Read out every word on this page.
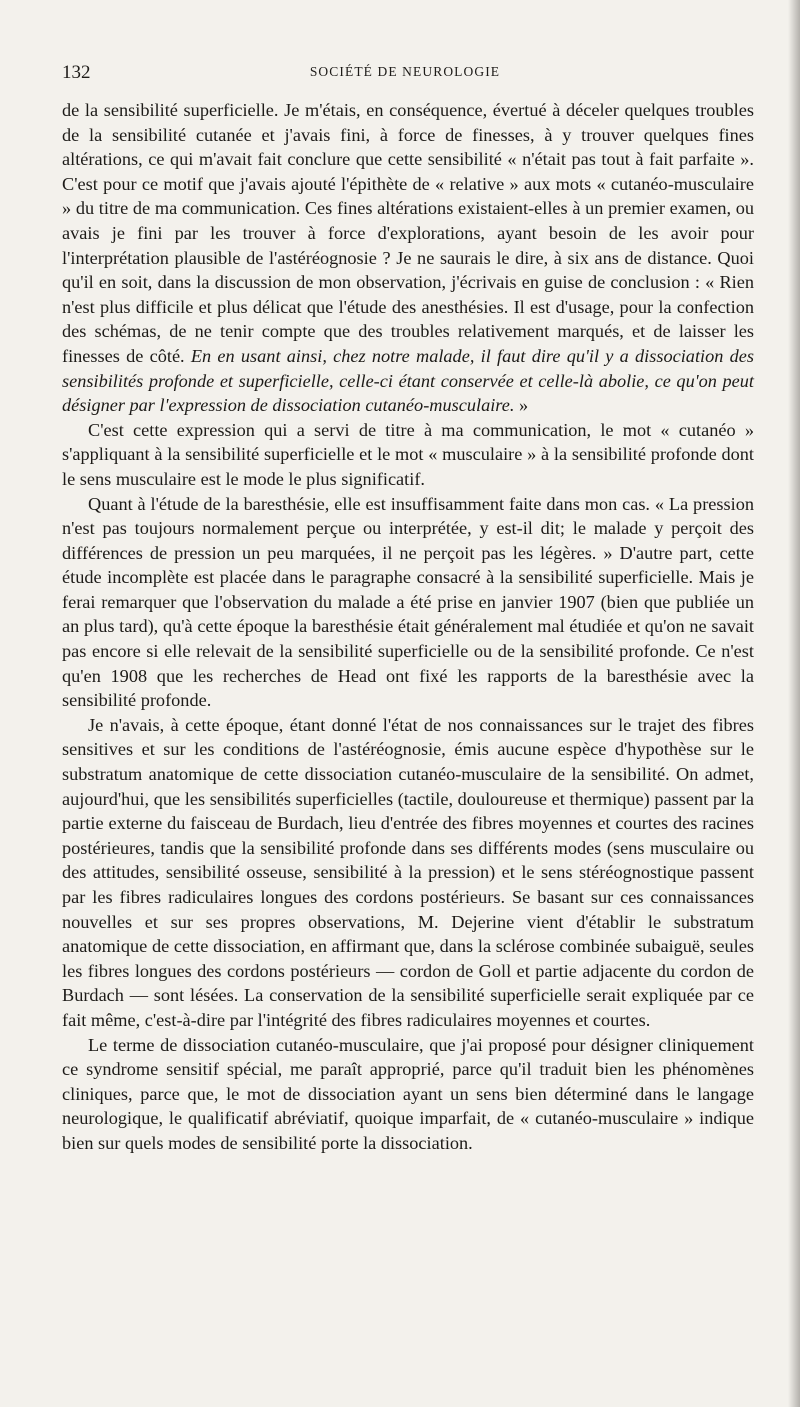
132	SOCIÉTÉ DE NEUROLOGIE

de la sensibilité superficielle. Je m'étais, en conséquence, évertué à déceler quelques troubles de la sensibilité cutanée et j'avais fini, à force de finesses, à y trouver quelques fines altérations, ce qui m'avait fait conclure que cette sensibilité « n'était pas tout à fait parfaite ». C'est pour ce motif que j'avais ajouté l'épithète de « relative » aux mots « cutanéo-musculaire » du titre de ma communication. Ces fines altérations existaient-elles à un premier examen, ou avais je fini par les trouver à force d'explorations, ayant besoin de les avoir pour l'interprétation plausible de l'astéréognosie ? Je ne saurais le dire, à six ans de distance. Quoi qu'il en soit, dans la discussion de mon observation, j'écrivais en guise de conclusion : « Rien n'est plus difficile et plus délicat que l'étude des anesthésies. Il est d'usage, pour la confection des schémas, de ne tenir compte que des troubles relativement marqués, et de laisser les finesses de côté. En en usant ainsi, chez notre malade, il faut dire qu'il y a dissociation des sensibilités profonde et superficielle, celle-ci étant conservée et celle-là abolie, ce qu'on peut désigner par l'expression de dissociation cutanéo-musculaire. »

C'est cette expression qui a servi de titre à ma communication, le mot « cutanéo » s'appliquant à la sensibilité superficielle et le mot « musculaire » à la sensibilité profonde dont le sens musculaire est le mode le plus significatif.

Quant à l'étude de la baresthésie, elle est insuffisamment faite dans mon cas. « La pression n'est pas toujours normalement perçue ou interprétée, y est-il dit; le malade y perçoit des différences de pression un peu marquées, il ne perçoit pas les légères. » D'autre part, cette étude incomplète est placée dans le paragraphe consacré à la sensibilité superficielle. Mais je ferai remarquer que l'observation du malade a été prise en janvier 1907 (bien que publiée un an plus tard), qu'à cette époque la baresthésie était généralement mal étudiée et qu'on ne savait pas encore si elle relevait de la sensibilité superficielle ou de la sensibilité profonde. Ce n'est qu'en 1908 que les recherches de Head ont fixé les rapports de la baresthésie avec la sensibilité profonde.

Je n'avais, à cette époque, étant donné l'état de nos connaissances sur le trajet des fibres sensitives et sur les conditions de l'astéréognosie, émis aucune espèce d'hypothèse sur le substratum anatomique de cette dissociation cutanéo-musculaire de la sensibilité. On admet, aujourd'hui, que les sensibilités superficielles (tactile, douloureuse et thermique) passent par la partie externe du faisceau de Burdach, lieu d'entrée des fibres moyennes et courtes des racines postérieures, tandis que la sensibilité profonde dans ses différents modes (sens musculaire ou des attitudes, sensibilité osseuse, sensibilité à la pression) et le sens stéréognostique passent par les fibres radiculaires longues des cordons postérieurs. Se basant sur ces connaissances nouvelles et sur ses propres observations, M. Dejerine vient d'établir le substratum anatomique de cette dissociation, en affirmant que, dans la sclérose combinée subaiguë, seules les fibres longues des cordons postérieurs — cordon de Goll et partie adjacente du cordon de Burdach — sont lésées. La conservation de la sensibilité superficielle serait expliquée par ce fait même, c'est-à-dire par l'intégrité des fibres radiculaires moyennes et courtes.

Le terme de dissociation cutanéo-musculaire, que j'ai proposé pour désigner cliniquement ce syndrome sensitif spécial, me paraît approprié, parce qu'il traduit bien les phénomènes cliniques, parce que, le mot de dissociation ayant un sens bien déterminé dans le langage neurologique, le qualificatif abréviatif, quoique imparfait, de « cutanéo-musculaire » indique bien sur quels modes de sensibilité porte la dissociation.
